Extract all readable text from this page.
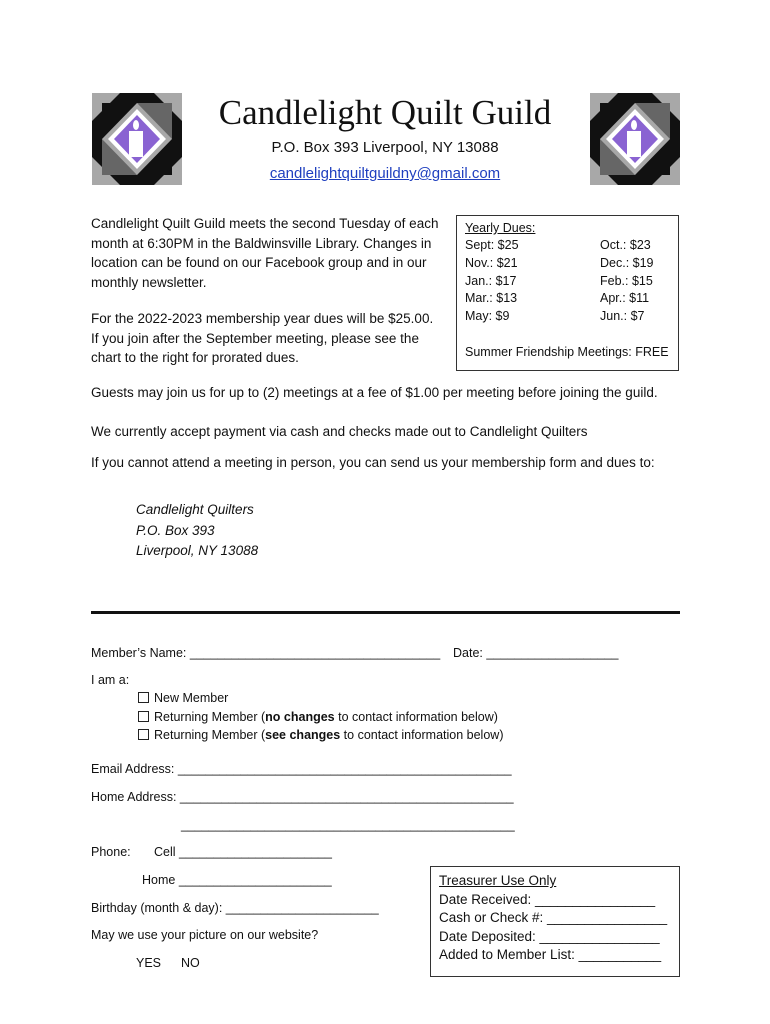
Candlelight Quilt Guild
P.O. Box 393 Liverpool, NY 13088
candlelightquiltguildny@gmail.com
Candlelight Quilt Guild meets the second Tuesday of each
month at 6:30PM in the Baldwinsville Library. Changes in
location can be found on our Facebook group and in our
monthly newsletter.
For the 2022-2023 membership year dues will be $25.00.
If you join after the September meeting, please see the
chart to the right for prorated dues.
Yearly Dues:
Sept: $25	Oct.: $23
Nov.: $21	Dec.: $19
Jan.: $17	Feb.: $15
Mar.: $13	Apr.: $11
May: $9	Jun.: $7
Summer Friendship Meetings: FREE
Guests may join us for up to (2) meetings at a fee of $1.00 per meeting before joining the guild.
We currently accept payment via cash and checks made out to Candlelight Quilters
If you cannot attend a meeting in person, you can send us your membership form and dues to:
Candlelight Quilters
P.O. Box 393
Liverpool, NY 13088
Member’s Name: ____________________________________ Date: ___________________
I am a:
New Member
Returning Member (no changes to contact information below)
Returning Member (see changes to contact information below)
Email Address: ________________________________________________
Home Address: ________________________________________________
________________________________________________
Phone: Cell ______________________
Home ______________________
Birthday (month & day): ______________________
May we use your picture on our website?
YES NO
Treasurer Use Only
Date Received: ________________
Cash or Check #: ________________
Date Deposited: ________________
Added to Member List: ___________
